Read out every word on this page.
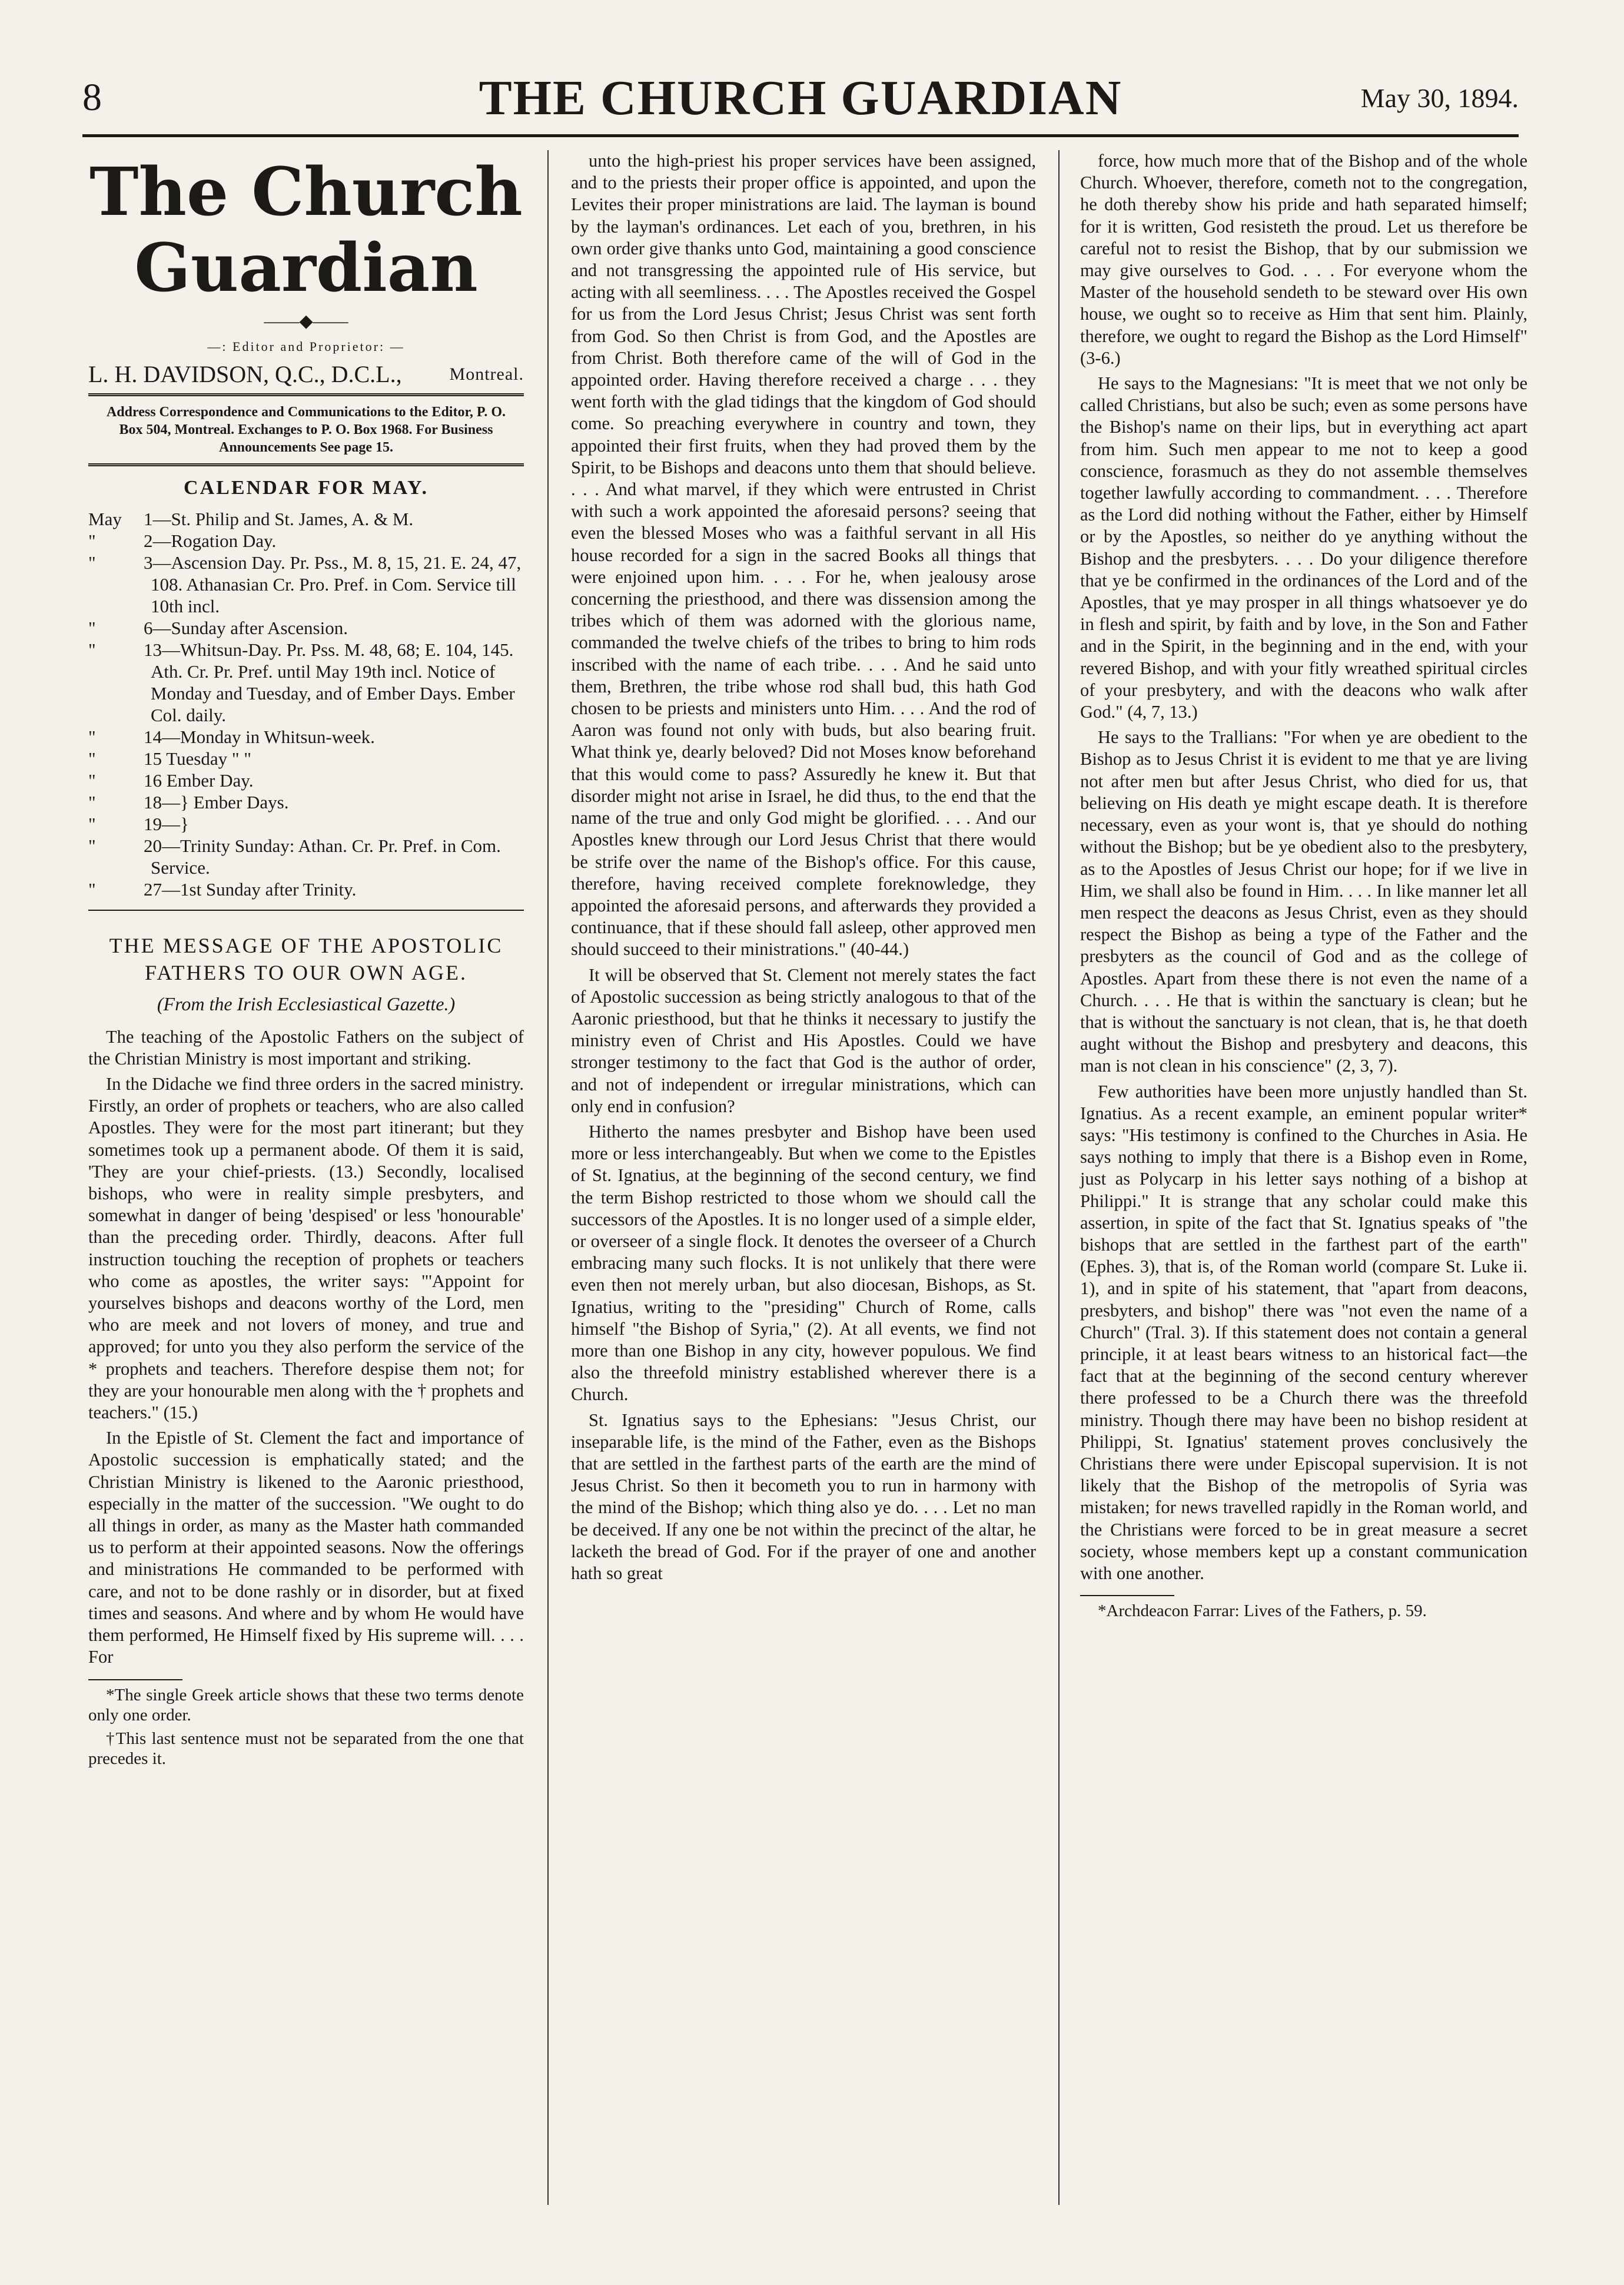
8	THE CHURCH GUARDIAN	May 30, 1894.
The Church Guardian
——◆——
—: Editor and Proprietor: —
L. H. DAVIDSON, Q.C., D.C.L.,	Montreal.
Address Correspondence and Communications to the Editor, P. O. Box 504, Montreal. Exchanges to P. O. Box 1968. For Business Announcements See page 15.
CALENDAR FOR MAY.
May	1—St. Philip and St. James, A. & M.
"	2—Rogation Day.
"	3—Ascension Day. Pr. Pss., M. 8, 15, 21. E. 24, 47, 108. Athanasian Cr. Pro. Pref. in Com. Service till 10th incl.
"	6—Sunday after Ascension.
"	13—Whitsun-Day. Pr. Pss. M. 48, 68; E. 104, 145. Ath. Cr. Pr. Pref. until May 19th incl. Notice of Monday and Tuesday, and of Ember Days. Ember Col. daily.
"	14—Monday in Whitsun-week.
"	15 Tuesday " "
"	16 Ember Day.
"	18—} Ember Days.
"	19—}
"	20—Trinity Sunday: Athan. Cr. Pr. Pref. in Com. Service.
"	27—1st Sunday after Trinity.
THE MESSAGE OF THE APOSTOLIC FATHERS TO OUR OWN AGE.
(From the Irish Ecclesiastical Gazette.)

The teaching of the Apostolic Fathers on the subject of the Christian Ministry is most important and striking.

In the Didache we find three orders in the sacred ministry. Firstly, an order of prophets or teachers, who are also called Apostles. They were for the most part itinerant; but they sometimes took up a permanent abode. Of them it is said, 'They are your chief-priests. (13.) Secondly, localised bishops, who were in reality simple presbyters, and somewhat in danger of being 'despised' or less 'honourable' than the preceding order. Thirdly, deacons. After full instruction touching the reception of prophets or teachers who come as apostles, the writer says: "'Appoint for yourselves bishops and deacons worthy of the Lord, men who are meek and not lovers of money, and true and approved; for unto you they also perform the service of the * prophets and teachers. Therefore despise them not; for they are your honourable men along with the † prophets and teachers." (15.)

In the Epistle of St. Clement the fact and importance of Apostolic succession is emphatically stated; and the Christian Ministry is likened to the Aaronic priesthood, especially in the matter of the succession. "We ought to do all things in order, as many as the Master hath commanded us to perform at their appointed seasons. Now the offerings and ministrations He commanded to be performed with care, and not to be done rashly or in disorder, but at fixed times and seasons. And where and by whom He would have them performed, He Himself fixed by His supreme will. . . . For

*The single Greek article shows that these two terms denote only one order.

†This last sentence must not be separated from the one that precedes it.

unto the high-priest his proper services have been assigned, and to the priests their proper office is appointed, and upon the Levites their proper ministrations are laid. The layman is bound by the layman's ordinances. Let each of you, brethren, in his own order give thanks unto God, maintaining a good conscience and not transgressing the appointed rule of His service, but acting with all seemliness. . . . The Apostles received the Gospel for us from the Lord Jesus Christ; Jesus Christ was sent forth from God. So then Christ is from God, and the Apostles are from Christ. Both therefore came of the will of God in the appointed order. Having therefore received a charge . . . they went forth with the glad tidings that the kingdom of God should come. So preaching everywhere in country and town, they appointed their first fruits, when they had proved them by the Spirit, to be Bishops and deacons unto them that should believe. . . . And what marvel, if they which were entrusted in Christ with such a work appointed the aforesaid persons? seeing that even the blessed Moses who was a faithful servant in all His house recorded for a sign in the sacred Books all things that were enjoined upon him. . . . For he, when jealousy arose concerning the priesthood, and there was dissension among the tribes which of them was adorned with the glorious name, commanded the twelve chiefs of the tribes to bring to him rods inscribed with the name of each tribe. . . . And he said unto them, Brethren, the tribe whose rod shall bud, this hath God chosen to be priests and ministers unto Him. . . . And the rod of Aaron was found not only with buds, but also bearing fruit. What think ye, dearly beloved? Did not Moses know beforehand that this would come to pass? Assuredly he knew it. But that disorder might not arise in Israel, he did thus, to the end that the name of the true and only God might be glorified. . . . And our Apostles knew through our Lord Jesus Christ that there would be strife over the name of the Bishop's office. For this cause, therefore, having received complete foreknowledge, they appointed the aforesaid persons, and afterwards they provided a continuance, that if these should fall asleep, other approved men should succeed to their ministrations." (40-44.)

It will be observed that St. Clement not merely states the fact of Apostolic succession as being strictly analogous to that of the Aaronic priesthood, but that he thinks it necessary to justify the ministry even of Christ and His Apostles. Could we have stronger testimony to the fact that God is the author of order, and not of independent or irregular ministrations, which can only end in confusion?

Hitherto the names presbyter and Bishop have been used more or less interchangeably. But when we come to the Epistles of St. Ignatius, at the beginning of the second century, we find the term Bishop restricted to those whom we should call the successors of the Apostles. It is no longer used of a simple elder, or overseer of a single flock. It denotes the overseer of a Church embracing many such flocks. It is not unlikely that there were even then not merely urban, but also diocesan, Bishops, as St. Ignatius, writing to the "presiding" Church of Rome, calls himself "the Bishop of Syria," (2). At all events, we find not more than one Bishop in any city, however populous. We find also the threefold ministry established wherever there is a Church.

St. Ignatius says to the Ephesians: "Jesus Christ, our inseparable life, is the mind of the Father, even as the Bishops that are settled in the farthest parts of the earth are the mind of Jesus Christ. So then it becometh you to run in harmony with the mind of the Bishop; which thing also ye do. . . . Let no man be deceived. If any one be not within the precinct of the altar, he lacketh the bread of God. For if the prayer of one and another hath so great

force, how much more that of the Bishop and of the whole Church. Whoever, therefore, cometh not to the congregation, he doth thereby show his pride and hath separated himself; for it is written, God resisteth the proud. Let us therefore be careful not to resist the Bishop, that by our submission we may give ourselves to God. . . . For everyone whom the Master of the household sendeth to be steward over His own house, we ought so to receive as Him that sent him. Plainly, therefore, we ought to regard the Bishop as the Lord Himself" (3-6.)

He says to the Magnesians: "It is meet that we not only be called Christians, but also be such; even as some persons have the Bishop's name on their lips, but in everything act apart from him. Such men appear to me not to keep a good conscience, forasmuch as they do not assemble themselves together lawfully according to commandment. . . . Therefore as the Lord did nothing without the Father, either by Himself or by the Apostles, so neither do ye anything without the Bishop and the presbyters. . . . Do your diligence therefore that ye be confirmed in the ordinances of the Lord and of the Apostles, that ye may prosper in all things whatsoever ye do in flesh and spirit, by faith and by love, in the Son and Father and in the Spirit, in the beginning and in the end, with your revered Bishop, and with your fitly wreathed spiritual circles of your presbytery, and with the deacons who walk after God." (4, 7, 13.)

He says to the Trallians: "For when ye are obedient to the Bishop as to Jesus Christ it is evident to me that ye are living not after men but after Jesus Christ, who died for us, that believing on His death ye might escape death. It is therefore necessary, even as your wont is, that ye should do nothing without the Bishop; but be ye obedient also to the presbytery, as to the Apostles of Jesus Christ our hope; for if we live in Him, we shall also be found in Him. . . . In like manner let all men respect the deacons as Jesus Christ, even as they should respect the Bishop as being a type of the Father and the presbyters as the council of God and as the college of Apostles. Apart from these there is not even the name of a Church. . . . He that is within the sanctuary is clean; but he that is without the sanctuary is not clean, that is, he that doeth aught without the Bishop and presbytery and deacons, this man is not clean in his conscience" (2, 3, 7).

Few authorities have been more unjustly handled than St. Ignatius. As a recent example, an eminent popular writer* says: "His testimony is confined to the Churches in Asia. He says nothing to imply that there is a Bishop even in Rome, just as Polycarp in his letter says nothing of a bishop at Philippi." It is strange that any scholar could make this assertion, in spite of the fact that St. Ignatius speaks of "the bishops that are settled in the farthest part of the earth" (Ephes. 3), that is, of the Roman world (compare St. Luke ii. 1), and in spite of his statement, that "apart from deacons, presbyters, and bishop" there was "not even the name of a Church" (Tral. 3). If this statement does not contain a general principle, it at least bears witness to an historical fact—the fact that at the beginning of the second century wherever there professed to be a Church there was the threefold ministry. Though there may have been no bishop resident at Philippi, St. Ignatius' statement proves conclusively the Christians there were under Episcopal supervision. It is not likely that the Bishop of the metropolis of Syria was mistaken; for news travelled rapidly in the Roman world, and the Christians were forced to be in great measure a secret society, whose members kept up a constant communication with one another.

*Archdeacon Farrar: Lives of the Fathers, p. 59.
